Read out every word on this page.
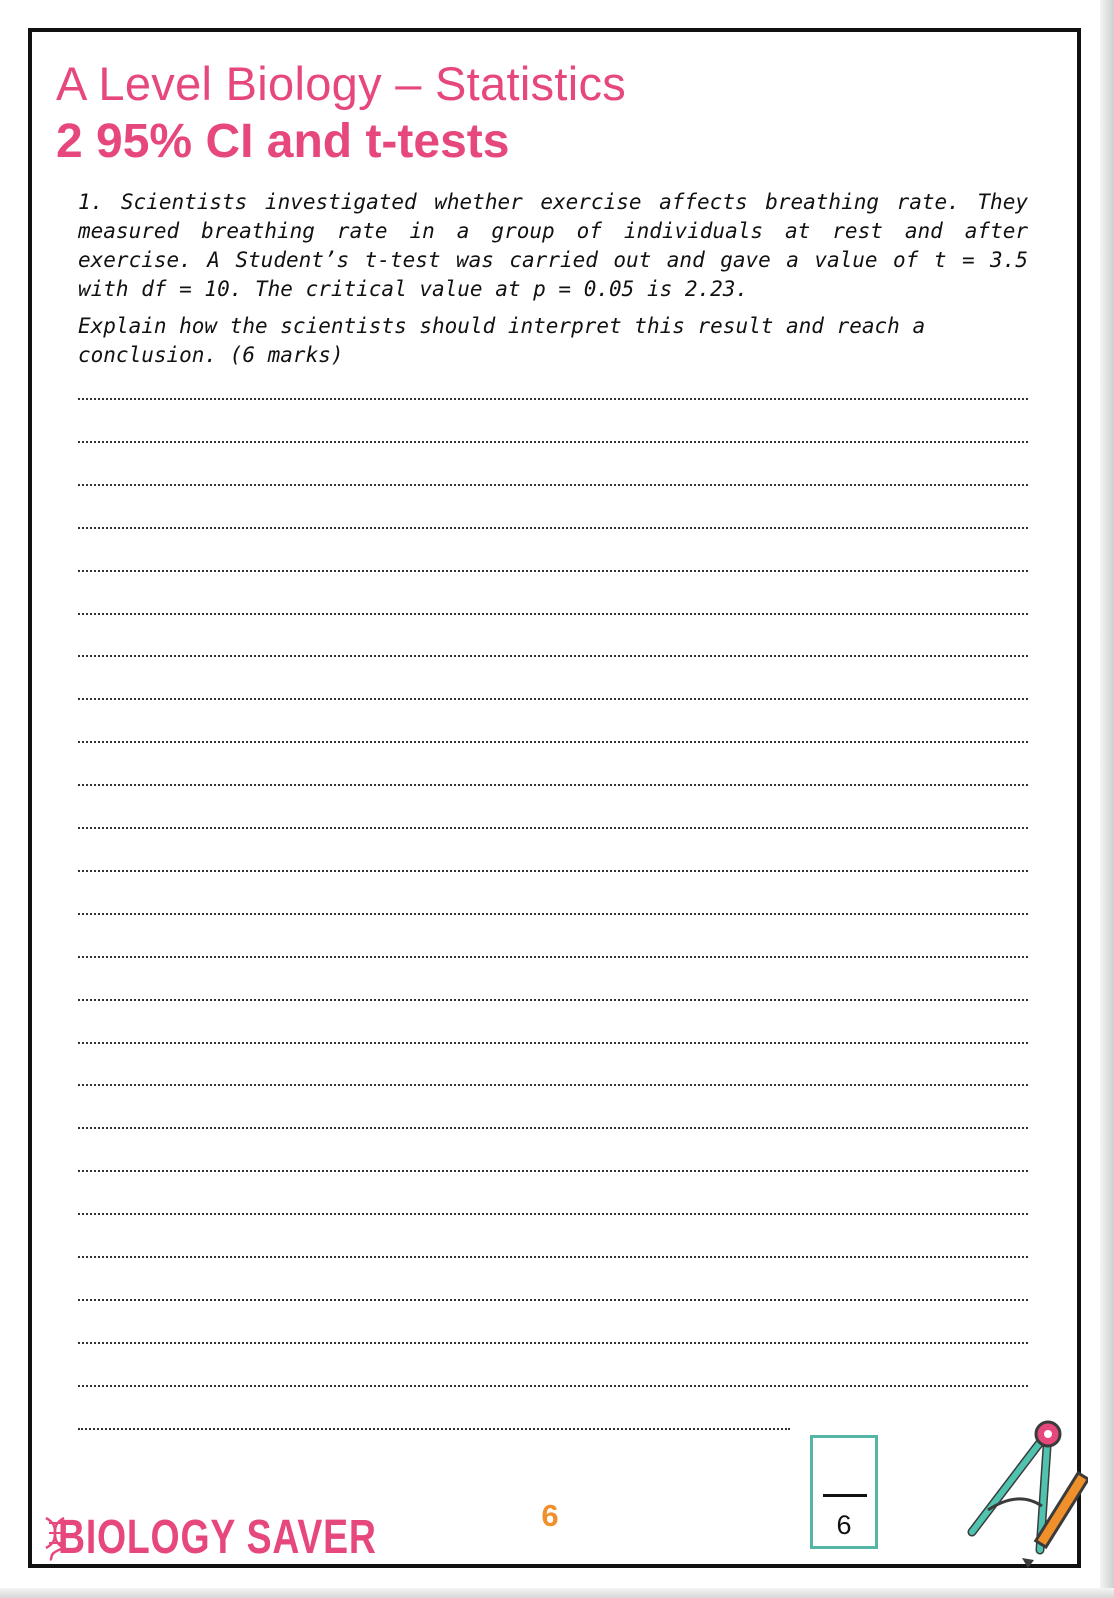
A Level Biology – Statistics
2 95% CI and t-tests
1. Scientists investigated whether exercise affects breathing rate. They measured breathing rate in a group of individuals at rest and after exercise. A Student’s t-test was carried out and gave a value of t = 3.5 with df = 10. The critical value at p = 0.05 is 2.23.
Explain how the scientists should interpret this result and reach a conclusion. (6 marks)
6
6
BIOLOGY SAVER
